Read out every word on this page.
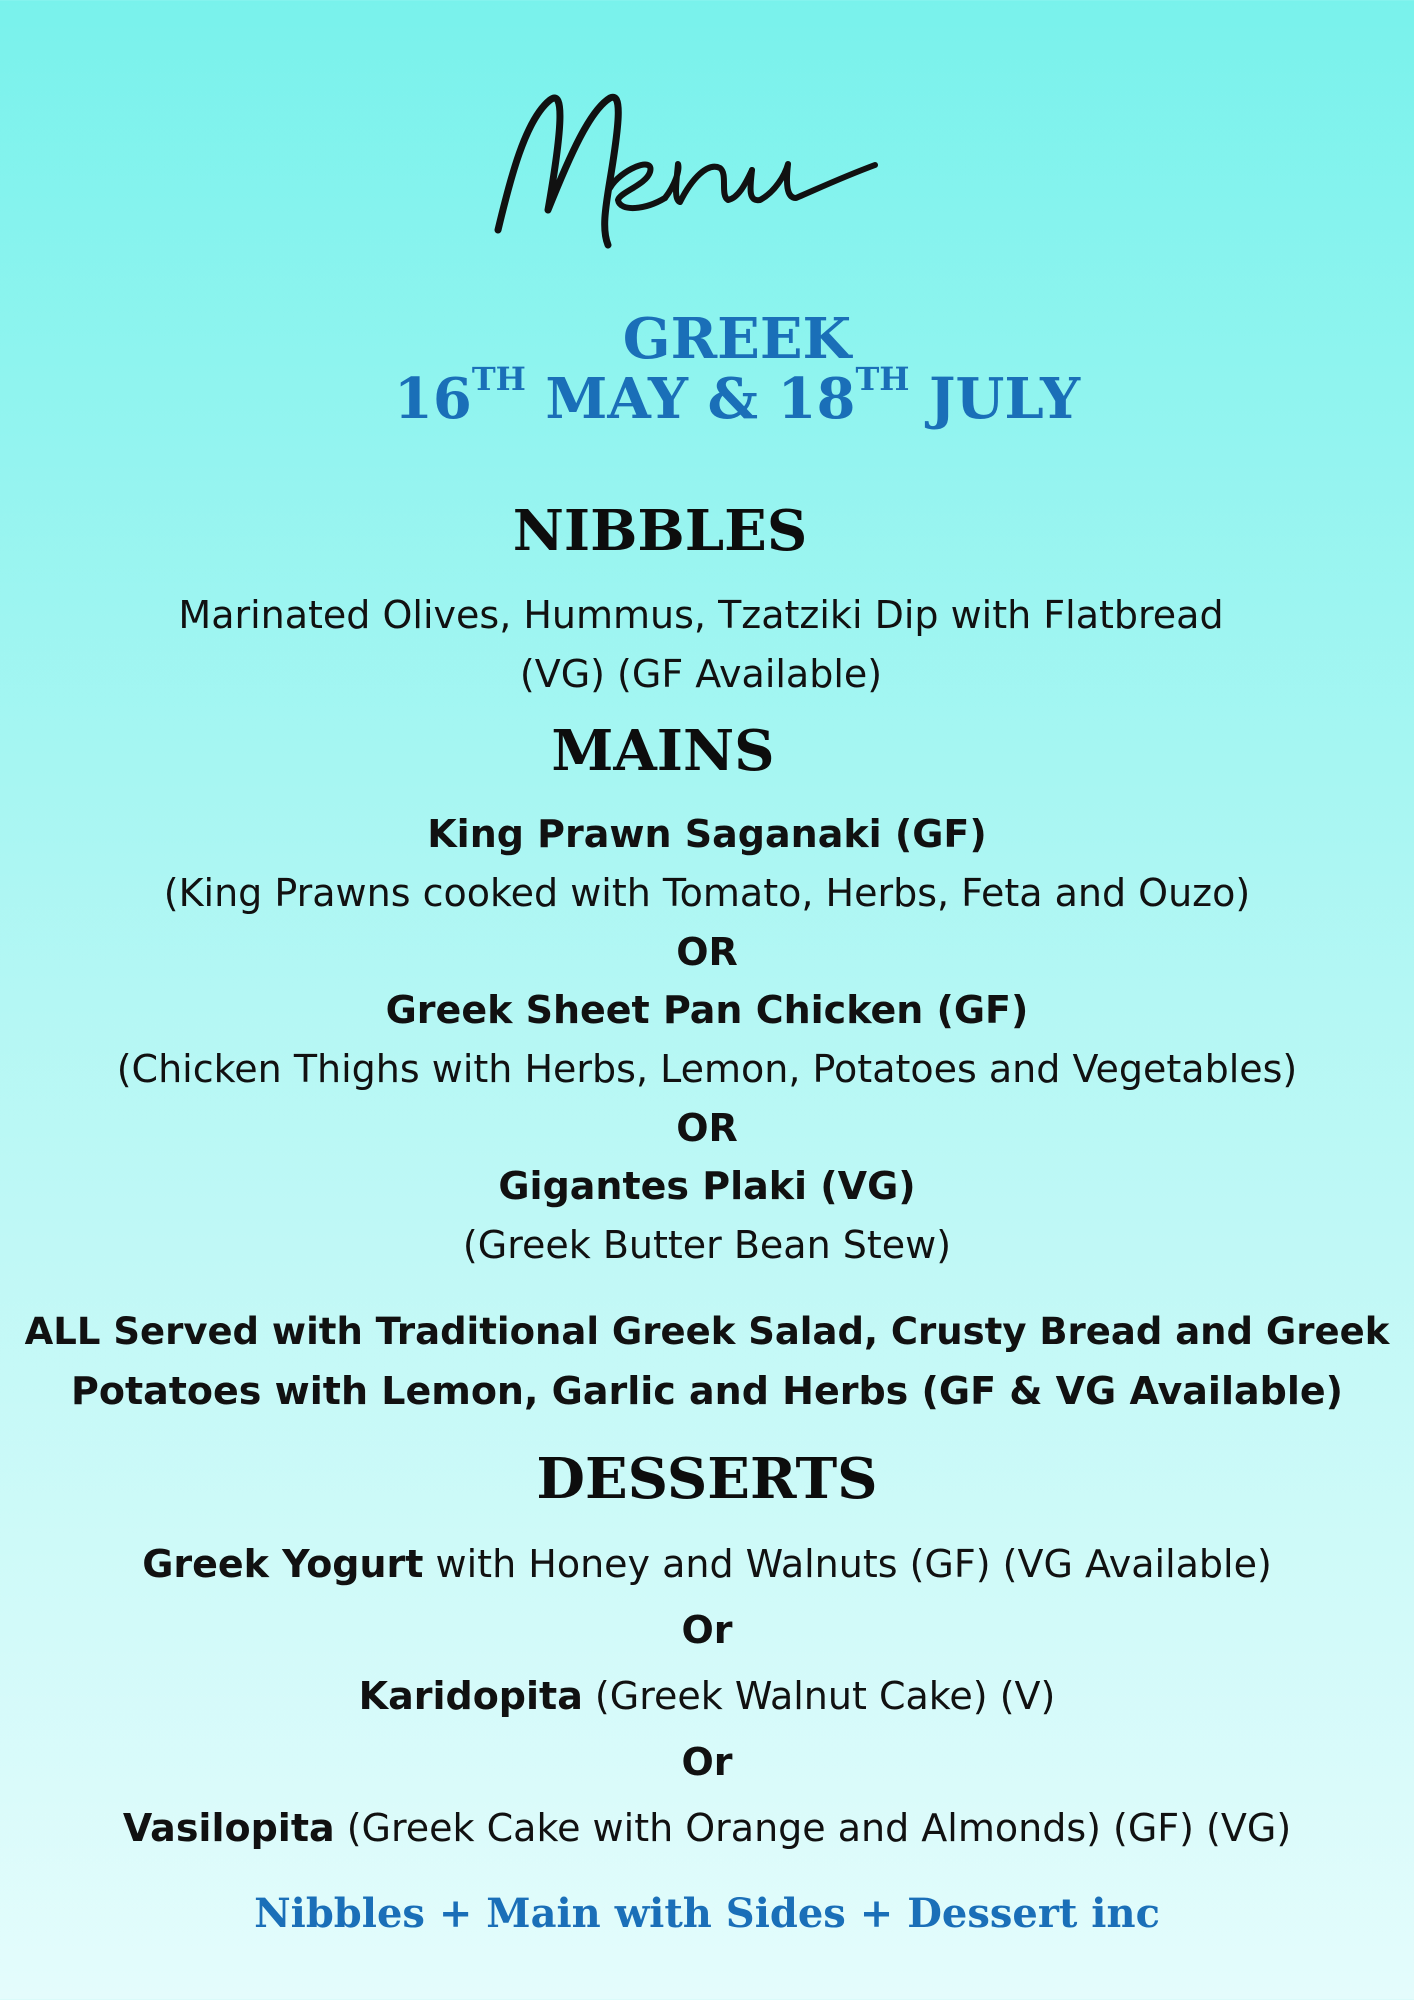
GREEK
16TH MAY & 18TH JULY
NIBBLES
Marinated Olives, Hummus, Tzatziki Dip with Flatbread
(VG) (GF Available)
MAINS
King Prawn Saganaki (GF)
(King Prawns cooked with Tomato, Herbs, Feta and Ouzo)
OR
Greek Sheet Pan Chicken (GF)
(Chicken Thighs with Herbs, Lemon, Potatoes and Vegetables)
OR
Gigantes Plaki (VG)
(Greek Butter Bean Stew)
ALL Served with Traditional Greek Salad, Crusty Bread and Greek
Potatoes with Lemon, Garlic and Herbs (GF & VG Available)
DESSERTS
Greek Yogurt with Honey and Walnuts (GF) (VG Available)
Or
Karidopita (Greek Walnut Cake) (V)
Or
Vasilopita (Greek Cake with Orange and Almonds) (GF) (VG)
Nibbles + Main with Sides + Dessert inc
